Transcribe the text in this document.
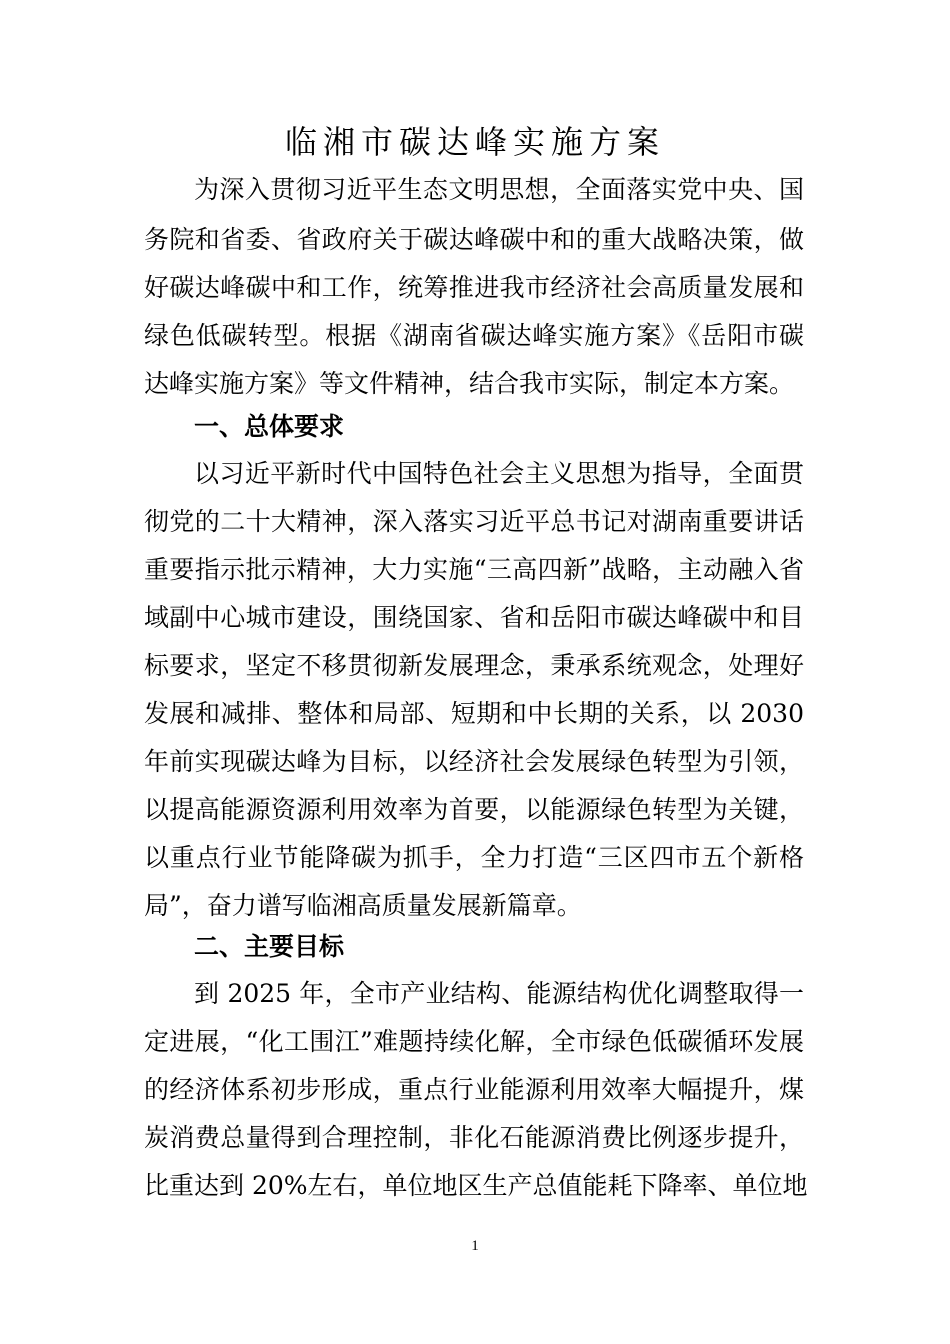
临湘市碳达峰实施方案
为深入贯彻习近平生态文明思想，全面落实党中央、国
务院和省委、省政府关于碳达峰碳中和的重大战略决策，做
好碳达峰碳中和工作，统筹推进我市经济社会高质量发展和
绿色低碳转型。根据《湖南省碳达峰实施方案》《岳阳市碳
达峰实施方案》等文件精神，结合我市实际，制定本方案。
一、总体要求
以习近平新时代中国特色社会主义思想为指导，全面贯
彻党的二十大精神，深入落实习近平总书记对湖南重要讲话
重要指示批示精神，大力实施“三高四新”战略，主动融入省
域副中心城市建设，围绕国家、省和岳阳市碳达峰碳中和目
标要求，坚定不移贯彻新发展理念，秉承系统观念，处理好
发展和减排、整体和局部、短期和中长期的关系，以 2030
年前实现碳达峰为目标，以经济社会发展绿色转型为引领，
以提高能源资源利用效率为首要，以能源绿色转型为关键，
以重点行业节能降碳为抓手，全力打造“三区四市五个新格
局”，奋力谱写临湘高质量发展新篇章。
二、主要目标
到 2025 年，全市产业结构、能源结构优化调整取得一
定进展，“化工围江”难题持续化解，全市绿色低碳循环发展
的经济体系初步形成，重点行业能源利用效率大幅提升，煤
炭消费总量得到合理控制，非化石能源消费比例逐步提升，
比重达到 20%左右，单位地区生产总值能耗下降率、单位地
1
